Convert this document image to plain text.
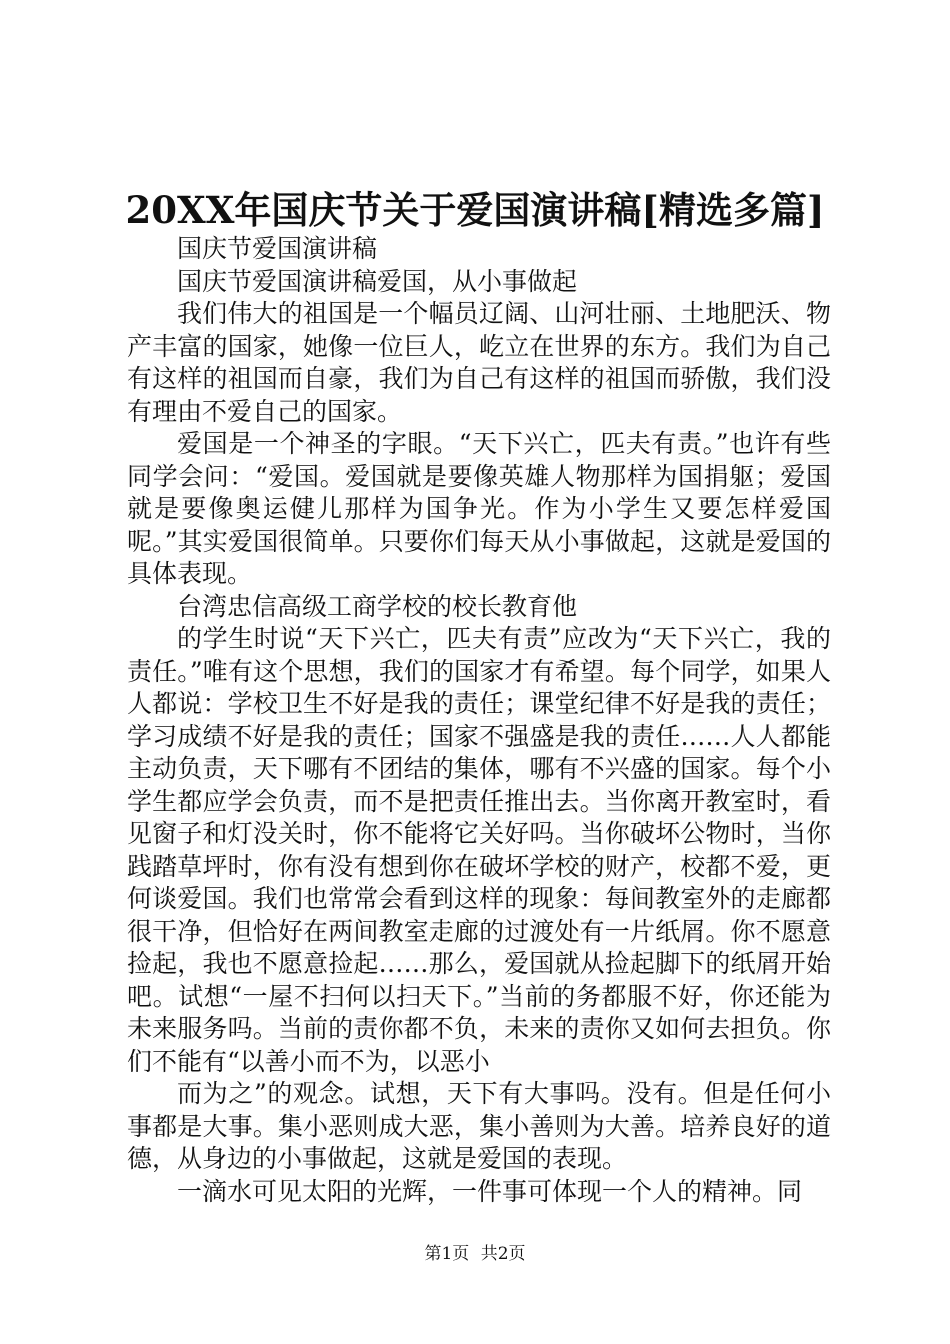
20XX年国庆节关于爱国演讲稿[精选多篇]

国庆节爱国演讲稿

国庆节爱国演讲稿爱国，从小事做起

我们伟大的祖国是一个幅员辽阔、山河壮丽、土地肥沃、物产丰富的国家，她像一位巨人，屹立在世界的东方。我们为自己有这样的祖国而自豪，我们为自己有这样的祖国而骄傲，我们没有理由不爱自己的国家。

爱国是一个神圣的字眼。“天下兴亡，匹夫有责。”也许有些同学会问：“爱国。爱国就是要像英雄人物那样为国捐躯；爱国就是要像奥运健儿那样为国争光。作为小学生又要怎样爱国呢。”其实爱国很简单。只要你们每天从小事做起，这就是爱国的具体表现。

台湾忠信高级工商学校的校长教育他

的学生时说“天下兴亡，匹夫有责”应改为“天下兴亡，我的责任。”唯有这个思想，我们的国家才有希望。每个同学，如果人人都说：学校卫生不好是我的责任；课堂纪律不好是我的责任；学习成绩不好是我的责任；国家不强盛是我的责任……人人都能主动负责，天下哪有不团结的集体，哪有不兴盛的国家。每个小学生都应学会负责，而不是把责任推出去。当你离开教室时，看见窗子和灯没关时，你不能将它关好吗。当你破坏公物时，当你践踏草坪时，你有没有想到你在破坏学校的财产，校都不爱，更何谈爱国。我们也常常会看到这样的现象：每间教室外的走廊都很干净，但恰好在两间教室走廊的过渡处有一片纸屑。你不愿意捡起，我也不愿意捡起……那么，爱国就从捡起脚下的纸屑开始吧。试想“一屋不扫何以扫天下。”当前的务都服不好，你还能为未来服务吗。当前的责你都不负，未来的责你又如何去担负。你们不能有“以善小而不为，以恶小

而为之”的观念。试想，天下有大事吗。没有。但是任何小事都是大事。集小恶则成大恶，集小善则为大善。培养良好的道德，从身边的小事做起，这就是爱国的表现。

一滴水可见太阳的光辉，一件事可体现一个人的精神。同

第1页 共2页
